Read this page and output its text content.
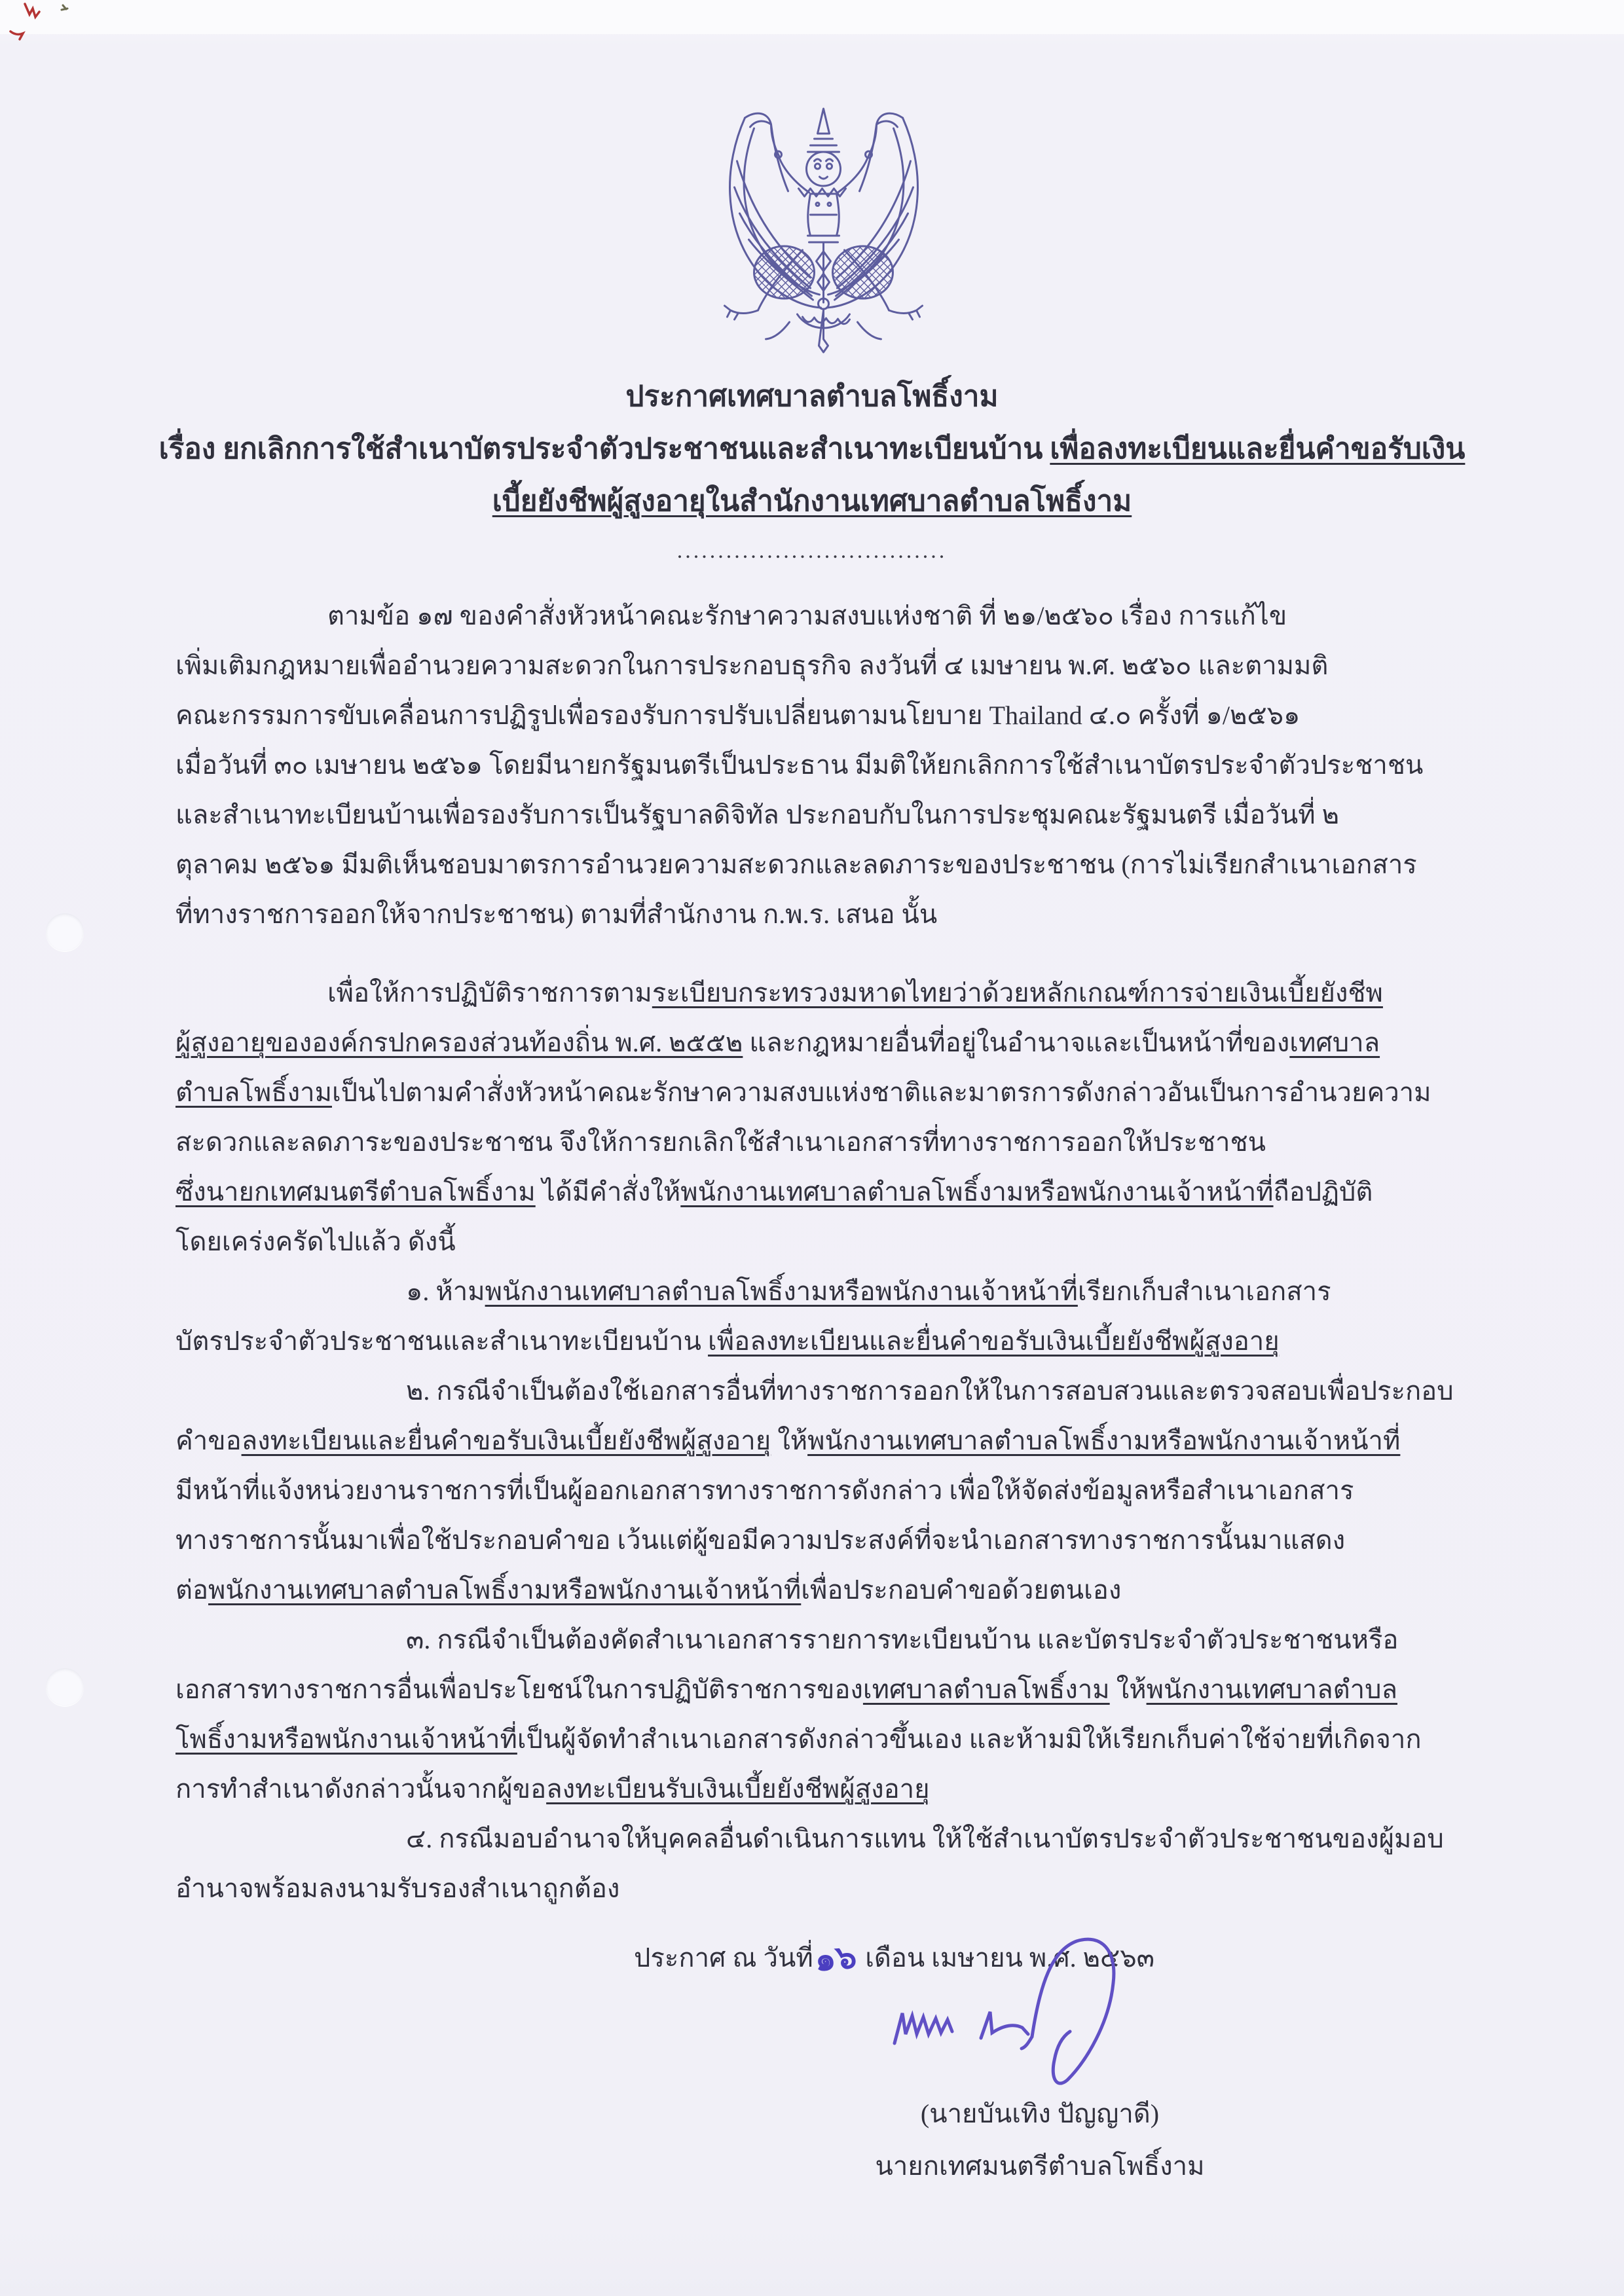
ประกาศเทศบาลตำบลโพธิ์งาม
เรื่อง ยกเลิกการใช้สำเนาบัตรประจำตัวประชาชนและสำเนาทะเบียนบ้าน เพื่อลงทะเบียนและยื่นคำขอรับเงิน
เบี้ยยังชีพผู้สูงอายุในสำนักงานเทศบาลตำบลโพธิ์งาม
.................................
ตามข้อ ๑๗ ของคำสั่งหัวหน้าคณะรักษาความสงบแห่งชาติ ที่ ๒๑/๒๕๖๐ เรื่อง การแก้ไข
เพิ่มเติมกฎหมายเพื่ออำนวยความสะดวกในการประกอบธุรกิจ ลงวันที่ ๔ เมษายน พ.ศ. ๒๕๖๐ และตามมติ
คณะกรรมการขับเคลื่อนการปฏิรูปเพื่อรองรับการปรับเปลี่ยนตามนโยบาย Thailand ๔.๐ ครั้งที่ ๑/๒๕๖๑
เมื่อวันที่ ๓๐ เมษายน ๒๕๖๑ โดยมีนายกรัฐมนตรีเป็นประธาน มีมติให้ยกเลิกการใช้สำเนาบัตรประจำตัวประชาชน
และสำเนาทะเบียนบ้านเพื่อรองรับการเป็นรัฐบาลดิจิทัล ประกอบกับในการประชุมคณะรัฐมนตรี เมื่อวันที่ ๒
ตุลาคม ๒๕๖๑ มีมติเห็นชอบมาตรการอำนวยความสะดวกและลดภาระของประชาชน (การไม่เรียกสำเนาเอกสาร
ที่ทางราชการออกให้จากประชาชน) ตามที่สำนักงาน ก.พ.ร. เสนอ นั้น
เพื่อให้การปฏิบัติราชการตามระเบียบกระทรวงมหาดไทยว่าด้วยหลักเกณฑ์การจ่ายเงินเบี้ยยังชีพ
ผู้สูงอายุขององค์กรปกครองส่วนท้องถิ่น พ.ศ. ๒๕๕๒ และกฎหมายอื่นที่อยู่ในอำนาจและเป็นหน้าที่ของเทศบาล
ตำบลโพธิ์งามเป็นไปตามคำสั่งหัวหน้าคณะรักษาความสงบแห่งชาติและมาตรการดังกล่าวอันเป็นการอำนวยความ
สะดวกและลดภาระของประชาชน จึงให้การยกเลิกใช้สำเนาเอกสารที่ทางราชการออกให้ประชาชน
ซึ่งนายกเทศมนตรีตำบลโพธิ์งาม ได้มีคำสั่งให้พนักงานเทศบาลตำบลโพธิ์งามหรือพนักงานเจ้าหน้าที่ถือปฏิบัติ
โดยเคร่งครัดไปแล้ว ดังนี้
๑. ห้ามพนักงานเทศบาลตำบลโพธิ์งามหรือพนักงานเจ้าหน้าที่เรียกเก็บสำเนาเอกสาร
บัตรประจำตัวประชาชนและสำเนาทะเบียนบ้าน เพื่อลงทะเบียนและยื่นคำขอรับเงินเบี้ยยังชีพผู้สูงอายุ
๒. กรณีจำเป็นต้องใช้เอกสารอื่นที่ทางราชการออกให้ในการสอบสวนและตรวจสอบเพื่อประกอบ
คำขอลงทะเบียนและยื่นคำขอรับเงินเบี้ยยังชีพผู้สูงอายุ ให้พนักงานเทศบาลตำบลโพธิ์งามหรือพนักงานเจ้าหน้าที่
มีหน้าที่แจ้งหน่วยงานราชการที่เป็นผู้ออกเอกสารทางราชการดังกล่าว เพื่อให้จัดส่งข้อมูลหรือสำเนาเอกสาร
ทางราชการนั้นมาเพื่อใช้ประกอบคำขอ เว้นแต่ผู้ขอมีความประสงค์ที่จะนำเอกสารทางราชการนั้นมาแสดง
ต่อพนักงานเทศบาลตำบลโพธิ์งามหรือพนักงานเจ้าหน้าที่เพื่อประกอบคำขอด้วยตนเอง
๓. กรณีจำเป็นต้องคัดสำเนาเอกสารรายการทะเบียนบ้าน และบัตรประจำตัวประชาชนหรือ
เอกสารทางราชการอื่นเพื่อประโยชน์ในการปฏิบัติราชการของเทศบาลตำบลโพธิ์งาม ให้พนักงานเทศบาลตำบล
โพธิ์งามหรือพนักงานเจ้าหน้าที่เป็นผู้จัดทำสำเนาเอกสารดังกล่าวขึ้นเอง และห้ามมิให้เรียกเก็บค่าใช้จ่ายที่เกิดจาก
การทำสำเนาดังกล่าวนั้นจากผู้ขอลงทะเบียนรับเงินเบี้ยยังชีพผู้สูงอายุ
๔. กรณีมอบอำนาจให้บุคคลอื่นดำเนินการแทน ให้ใช้สำเนาบัตรประจำตัวประชาชนของผู้มอบ
อำนาจพร้อมลงนามรับรองสำเนาถูกต้อง
ประกาศ ณ วันที่๑๖ เดือน เมษายน พ.ศ. ๒๕๖๓
(นายบันเทิง ปัญญาดี)
นายกเทศมนตรีตำบลโพธิ์งาม
